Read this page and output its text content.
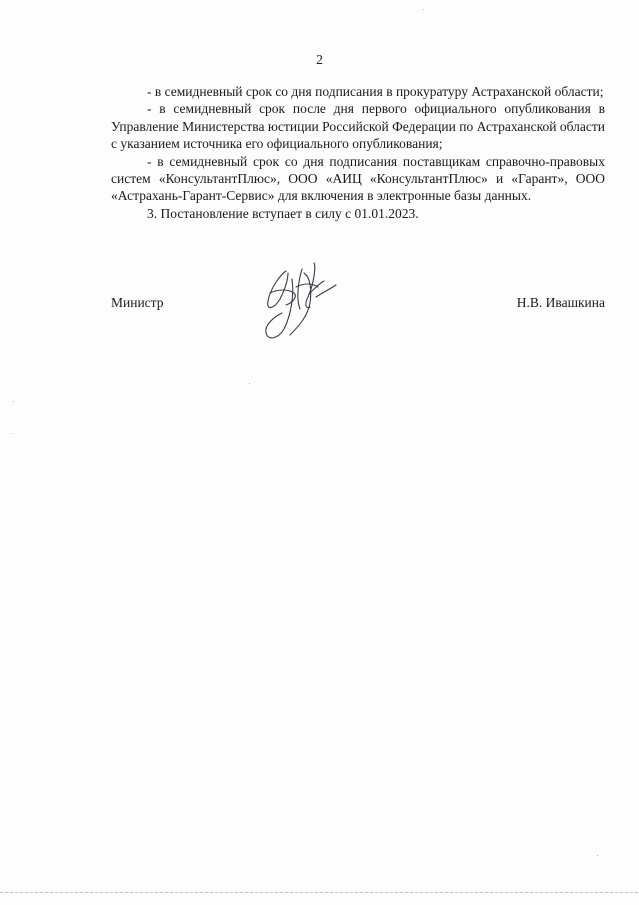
2

- в семидневный срок со дня подписания в прокуратуру Астраханской области;

- в семидневный срок после дня первого официального опубликования в Управление Министерства юстиции Российской Федерации по Астраханской области с указанием источника его официального опубликования;

- в семидневный срок со дня подписания поставщикам справочно-правовых систем «КонсультантПлюс», ООО «АИЦ «КонсультантПлюс» и «Гарант», ООО «Астрахань-Гарант-Сервис» для включения в электронные базы данных.

3. Постановление вступает в силу с 01.01.2023.

Министр	Н.В. Ивашкина
